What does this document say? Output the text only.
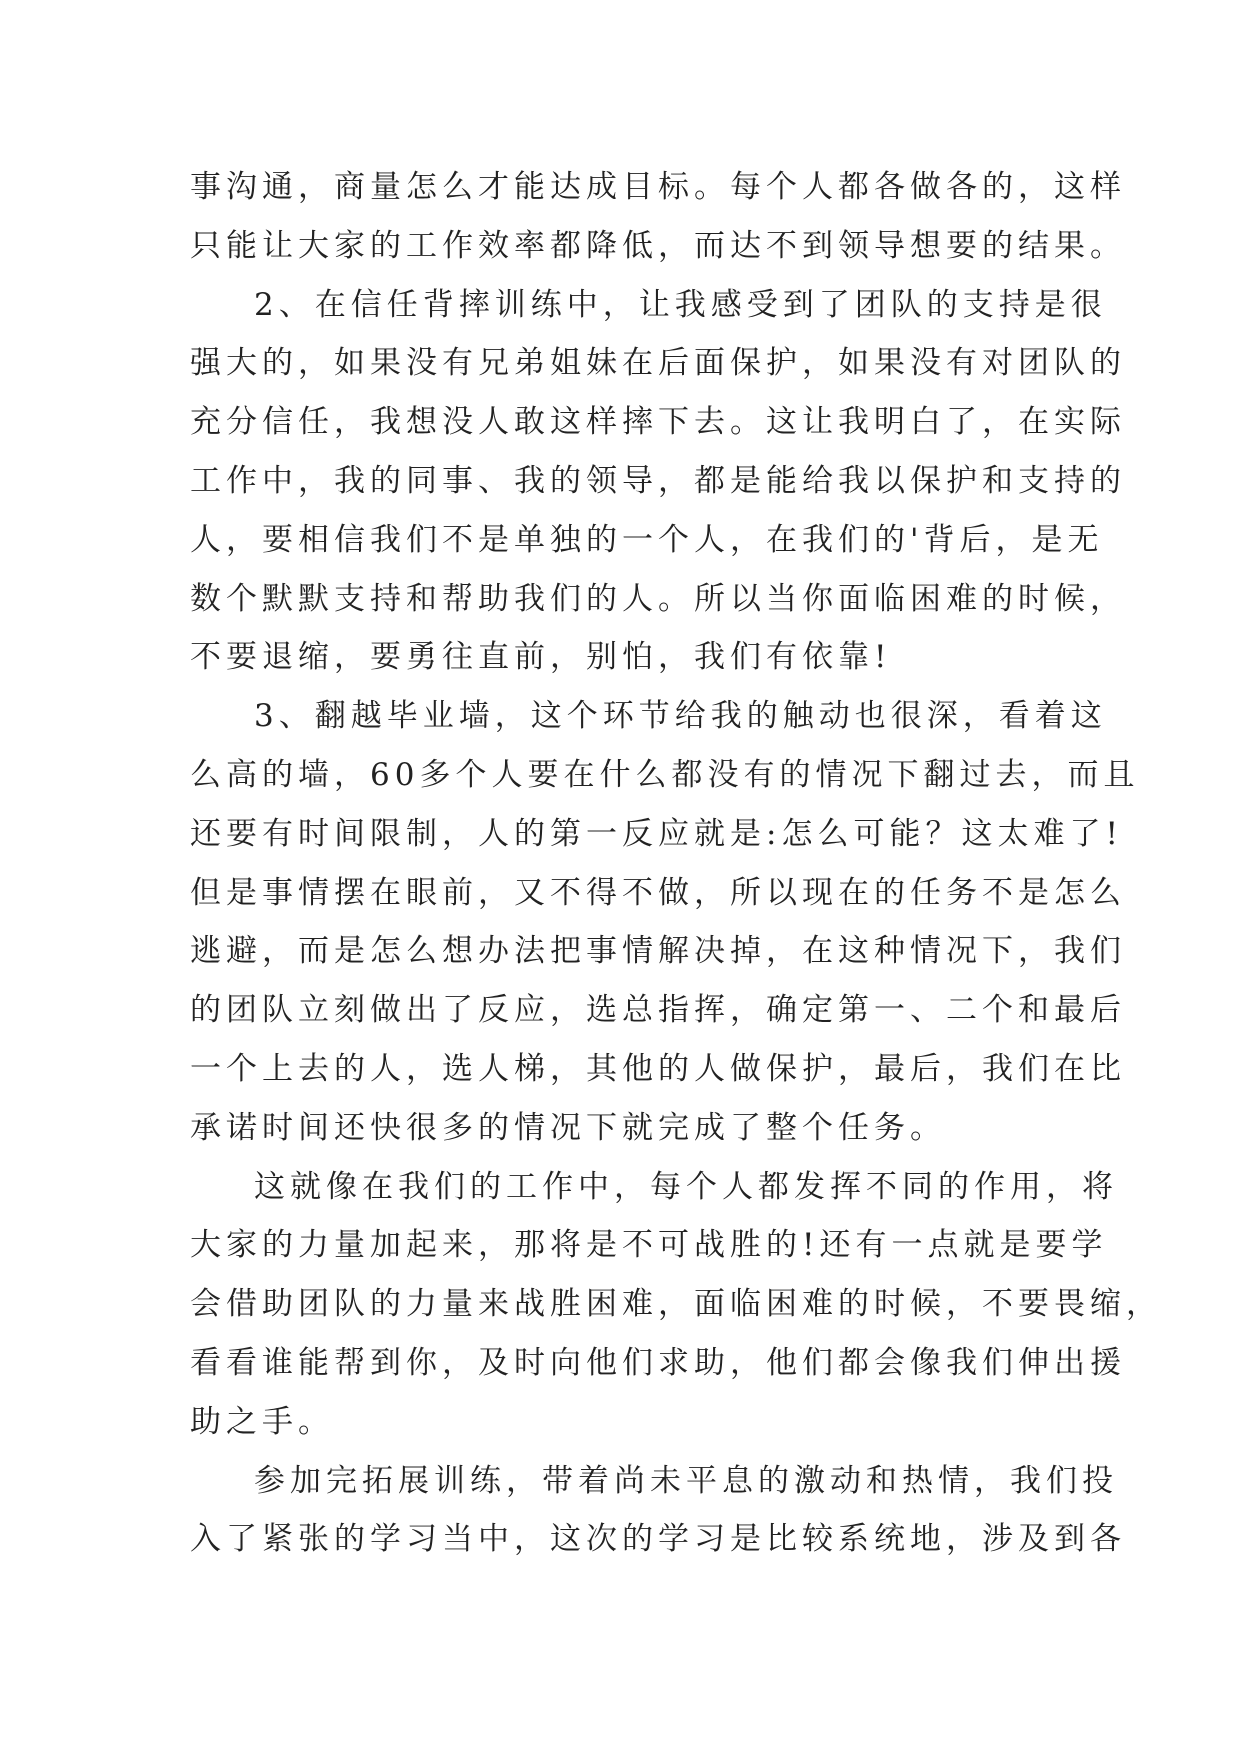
事沟通，商量怎么才能达成目标。每个人都各做各的，这样
只能让大家的工作效率都降低，而达不到领导想要的结果。
2、在信任背摔训练中，让我感受到了团队的支持是很
强大的，如果没有兄弟姐妹在后面保护，如果没有对团队的
充分信任，我想没人敢这样摔下去。这让我明白了，在实际
工作中，我的同事、我的领导，都是能给我以保护和支持的
人，要相信我们不是单独的一个人，在我们的'背后，是无
数个默默支持和帮助我们的人。所以当你面临困难的时候，
不要退缩，要勇往直前，别怕，我们有依靠!
3、翻越毕业墙，这个环节给我的触动也很深，看着这
么高的墙，60多个人要在什么都没有的情况下翻过去，而且
还要有时间限制，人的第一反应就是:怎么可能？这太难了!
但是事情摆在眼前，又不得不做，所以现在的任务不是怎么
逃避，而是怎么想办法把事情解决掉，在这种情况下，我们
的团队立刻做出了反应，选总指挥，确定第一、二个和最后
一个上去的人，选人梯，其他的人做保护，最后，我们在比
承诺时间还快很多的情况下就完成了整个任务。
这就像在我们的工作中，每个人都发挥不同的作用，将
大家的力量加起来，那将是不可战胜的!还有一点就是要学
会借助团队的力量来战胜困难，面临困难的时候，不要畏缩，
看看谁能帮到你，及时向他们求助，他们都会像我们伸出援
助之手。
参加完拓展训练，带着尚未平息的激动和热情，我们投
入了紧张的学习当中，这次的学习是比较系统地，涉及到各
